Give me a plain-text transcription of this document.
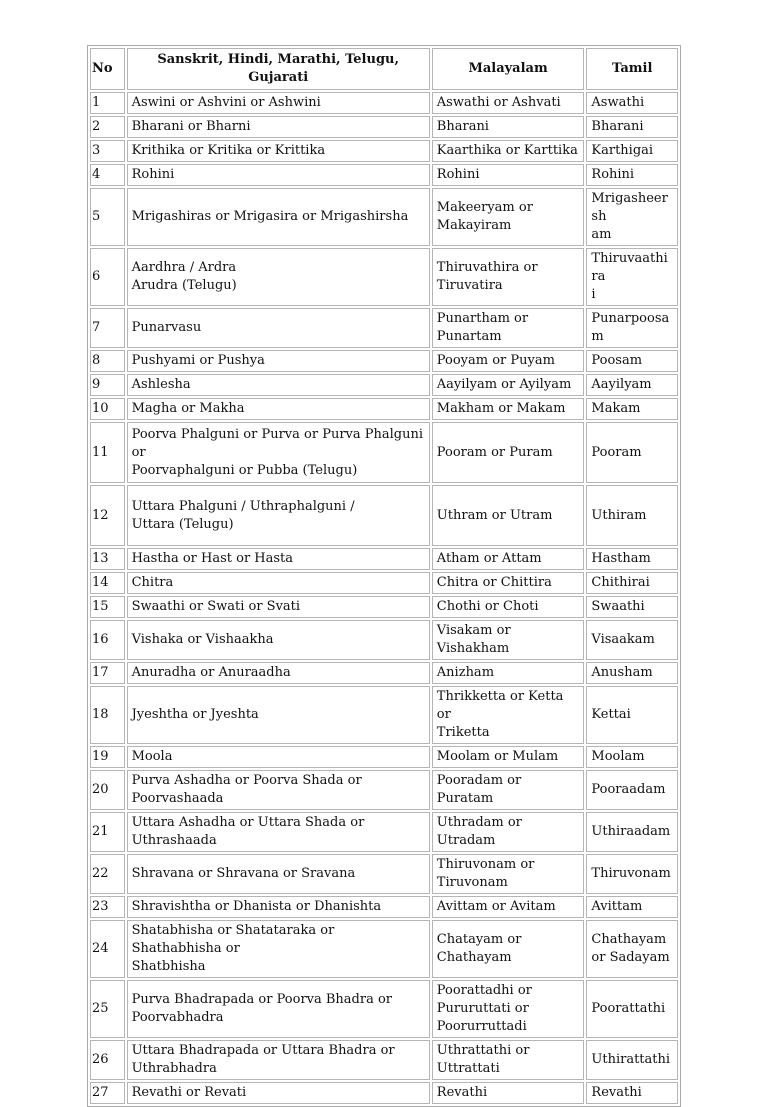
No	Sanskrit, Hindi, Marathi, Telugu, Gujarati	Malayalam	Tamil
1	Aswini or Ashvini or Ashwini	Aswathi or Ashvati	Aswathi
2	Bharani or Bharni	Bharani	Bharani
3	Krithika or Kritika or Krittika	Kaarthika or Karttika	Karthigai
4	Rohini	Rohini	Rohini
5	Mrigashiras or Mrigasira or Mrigashirsha	Makeeryam or
Makayiram	Mrigasheersh
am
6	Aardhra / Ardra
Arudra (Telugu)	Thiruvathira or
Tiruvatira	Thiruvaathira
i
7	Punarvasu	Punartham or
Punartam	Punarpoosam
8	Pushyami or Pushya	Pooyam or Puyam	Poosam
9	Ashlesha	Aayilyam or Ayilyam	Aayilyam
10	Magha or Makha	Makham or Makam	Makam
11	Poorva Phalguni or Purva or Purva Phalguni or
Poorvaphalguni or Pubba (Telugu)	Pooram or Puram	Pooram
12	Uttara Phalguni / Uthraphalguni /
Uttara (Telugu)	Uthram or Utram	Uthiram
13	Hastha or Hast or Hasta	Atham or Attam	Hastham
14	Chitra	Chitra or Chittira	Chithirai
15	Swaathi or Swati or Svati	Chothi or Choti	Swaathi
16	Vishaka or Vishaakha	Visakam or
Vishakham	Visaakam
17	Anuradha or Anuraadha	Anizham	Anusham
18	Jyeshtha or Jyeshta	Thrikketta or Ketta or
Triketta	Kettai
19	Moola	Moolam or Mulam	Moolam
20	Purva Ashadha or Poorva Shada or
Poorvashaada	Pooradam or Puratam	Pooraadam
21	Uttara Ashadha or Uttara Shada or
Uthrashaada	Uthradam or Utradam	Uthiraadam
22	Shravana or Shravana or Sravana	Thiruvonam or
Tiruvonam	Thiruvonam
23	Shravishtha or Dhanista or Dhanishta	Avittam or Avitam	Avittam
24	Shatabhisha or Shatataraka or Shathabhisha or
Shatbhisha	Chatayam or
Chathayam	Chathayam
or Sadayam
25	Purva Bhadrapada or Poorva Bhadra or
Poorvabhadra	Poorattadhi or
Pururuttati or
Poorurruttadi	Poorattathi
26	Uttara Bhadrapada or Uttara Bhadra or
Uthrabhadra	Uthrattathi or Uttrattati	Uthirattathi
27	Revathi or Revati	Revathi	Revathi
